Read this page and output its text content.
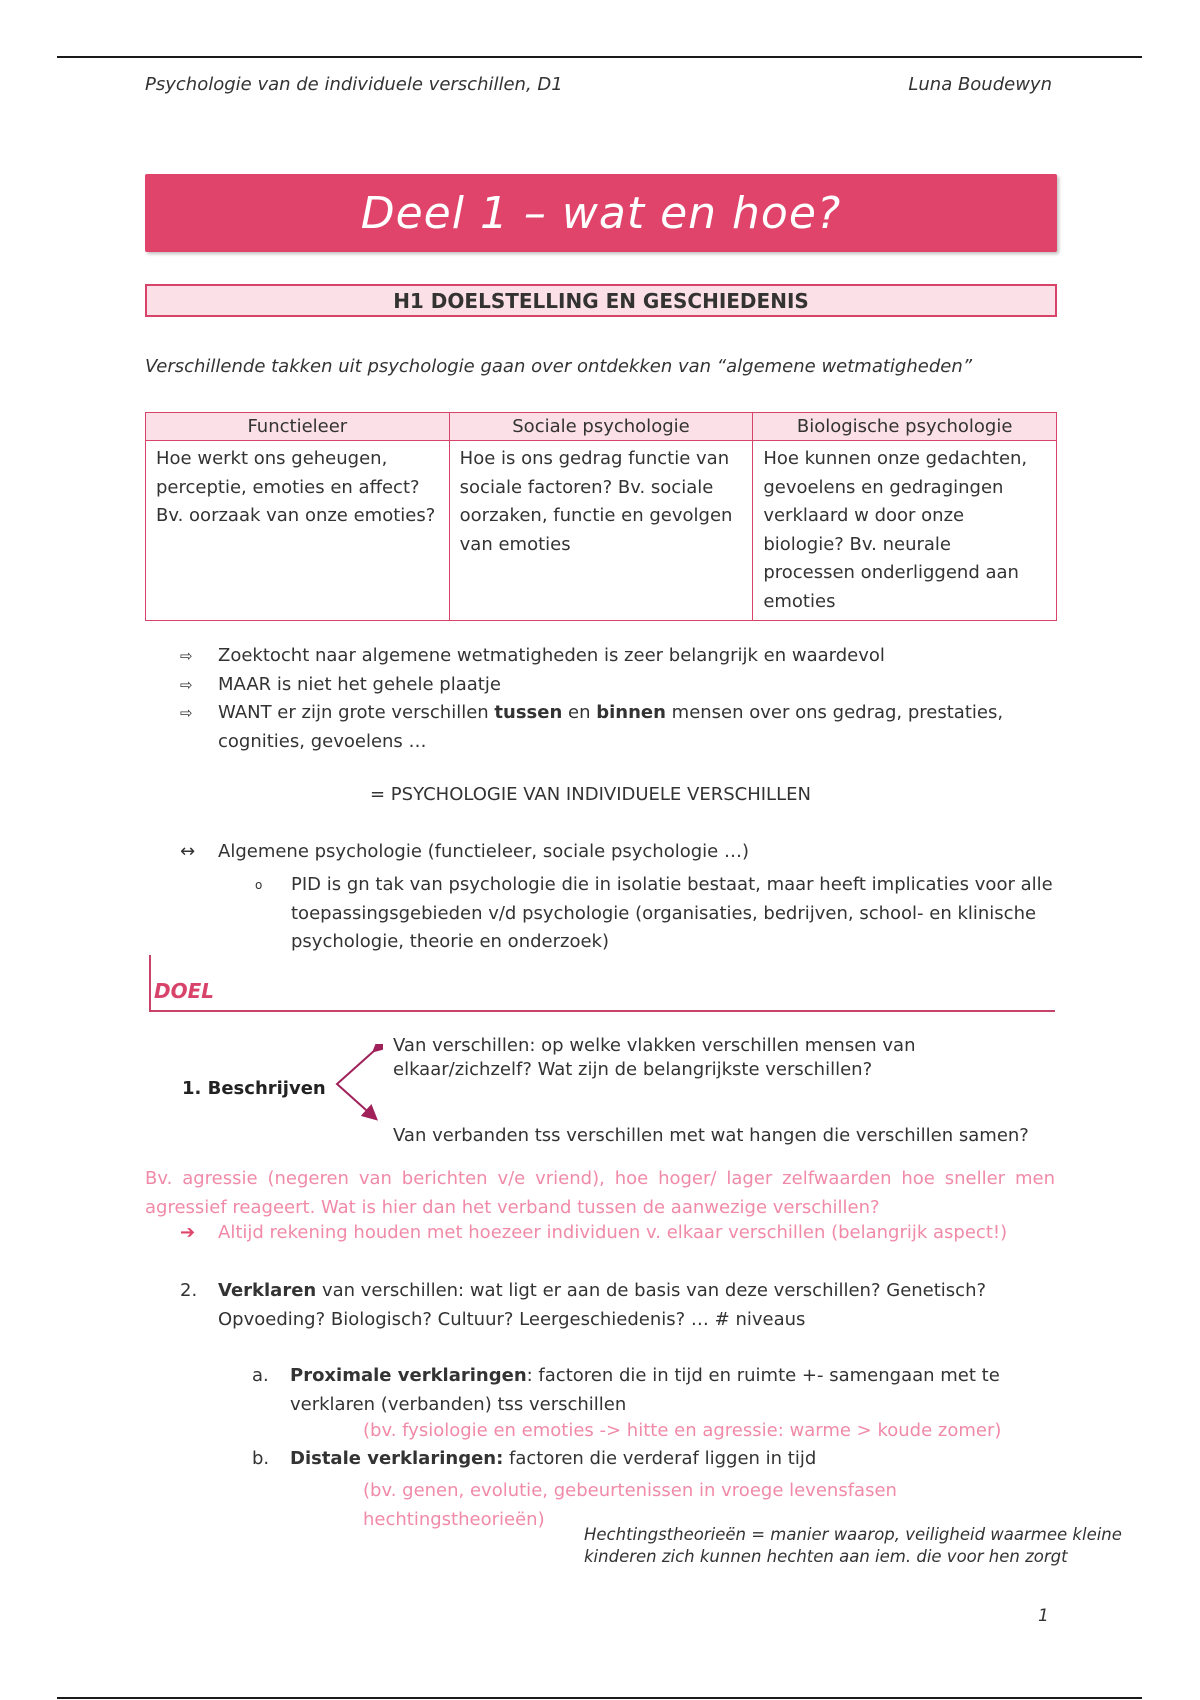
Psychologie van de individuele verschillen, D1	Luna Boudewyn
Deel 1 – wat en hoe?
H1 DOELSTELLING EN GESCHIEDENIS
Verschillende takken uit psychologie gaan over ontdekken van “algemene wetmatigheden”
Functieleer	Sociale psychologie	Biologische psychologie
Hoe werkt ons geheugen, perceptie, emoties en affect? Bv. oorzaak van onze emoties?	Hoe is ons gedrag functie van sociale factoren? Bv. sociale oorzaken, functie en gevolgen van emoties	Hoe kunnen onze gedachten, gevoelens en gedragingen verklaard w door onze biologie? Bv. neurale processen onderliggend aan emoties
⇨	Zoektocht naar algemene wetmatigheden is zeer belangrijk en waardevol
⇨	MAAR is niet het gehele plaatje
⇨	WANT er zijn grote verschillen tussen en binnen mensen over ons gedrag, prestaties, cognities, gevoelens …
= PSYCHOLOGIE VAN INDIVIDUELE VERSCHILLEN
↔	Algemene psychologie (functieleer, sociale psychologie …)
o	PID is gn tak van psychologie die in isolatie bestaat, maar heeft implicaties voor alle toepassingsgebieden v/d psychologie (organisaties, bedrijven, school- en klinische psychologie, theorie en onderzoek)
DOEL
1. Beschrijven
Van verschillen: op welke vlakken verschillen mensen van elkaar/zichzelf? Wat zijn de belangrijkste verschillen?
Van verbanden tss verschillen met wat hangen die verschillen samen?
Bv. agressie (negeren van berichten v/e vriend), hoe hoger/ lager zelfwaarden hoe sneller men agressief reageert. Wat is hier dan het verband tussen de aanwezige verschillen?
➔	Altijd rekening houden met hoezeer individuen v. elkaar verschillen (belangrijk aspect!)
2.	Verklaren van verschillen: wat ligt er aan de basis van deze verschillen? Genetisch? Opvoeding? Biologisch? Cultuur? Leergeschiedenis? … # niveaus
a.	Proximale verklaringen: factoren die in tijd en ruimte +- samengaan met te verklaren (verbanden) tss verschillen
(bv. fysiologie en emoties -> hitte en agressie: warme > koude zomer)
b.	Distale verklaringen: factoren die verderaf liggen in tijd
(bv. genen, evolutie, gebeurtenissen in vroege levensfasen hechtingstheorieën)
Hechtingstheorieën = manier waarop, veiligheid waarmee kleine kinderen zich kunnen hechten aan iem. die voor hen zorgt
1
